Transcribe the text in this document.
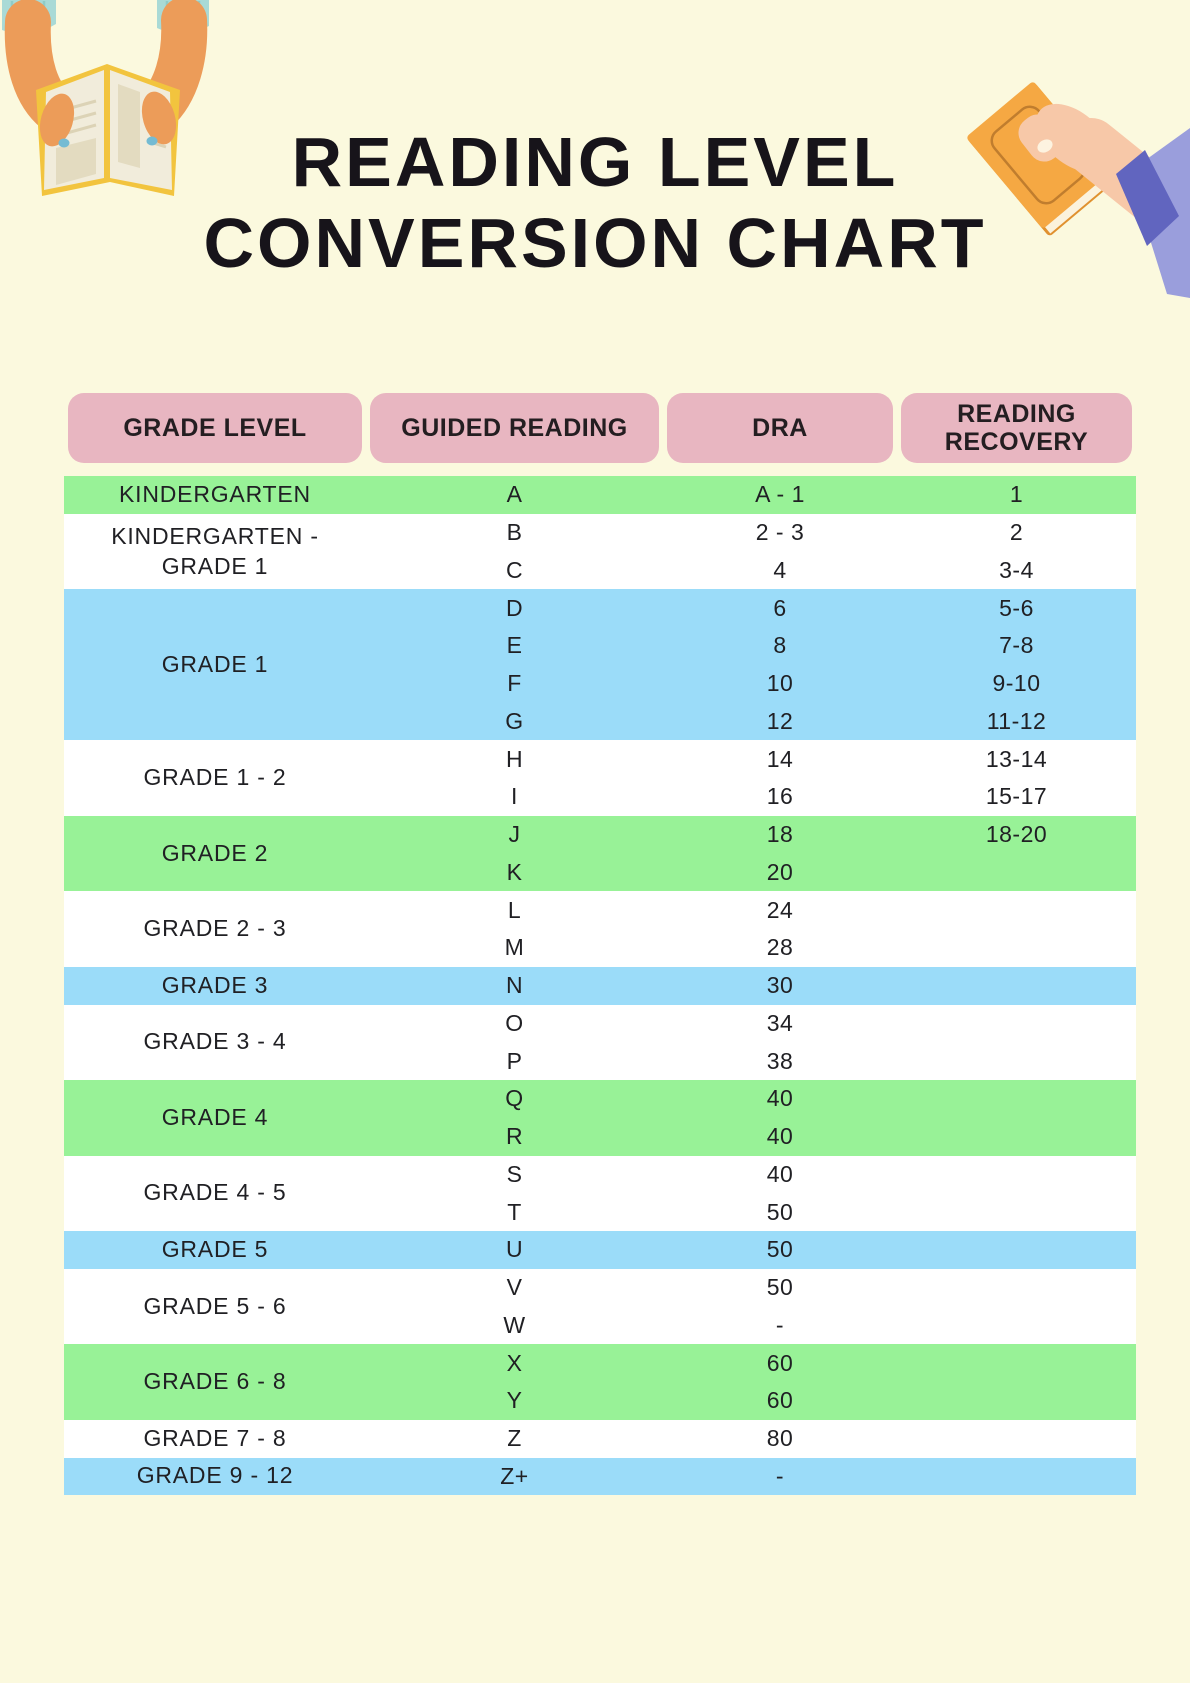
READING LEVEL
CONVERSION CHART
GRADE LEVEL	GUIDED READING	DRA	READING RECOVERY
KINDERGARTEN	A	A - 1	1
KINDERGARTEN - GRADE 1
B	2 - 3	2
C	4	3-4
GRADE 1
D	6	5-6
E	8	7-8
F	10	9-10
G	12	11-12
GRADE 1 - 2
H	14	13-14
I	16	15-17
GRADE 2
J	18	18-20
K	20
GRADE 2 - 3
L	24
M	28
GRADE 3	N	30
GRADE 3 - 4
O	34
P	38
GRADE 4
Q	40
R	40
GRADE 4 - 5
S	40
T	50
GRADE 5	U	50
GRADE 5 - 6
V	50
W	-
GRADE 6 - 8
X	60
Y	60
GRADE 7 - 8	Z	80
GRADE 9 - 12	Z+	-
